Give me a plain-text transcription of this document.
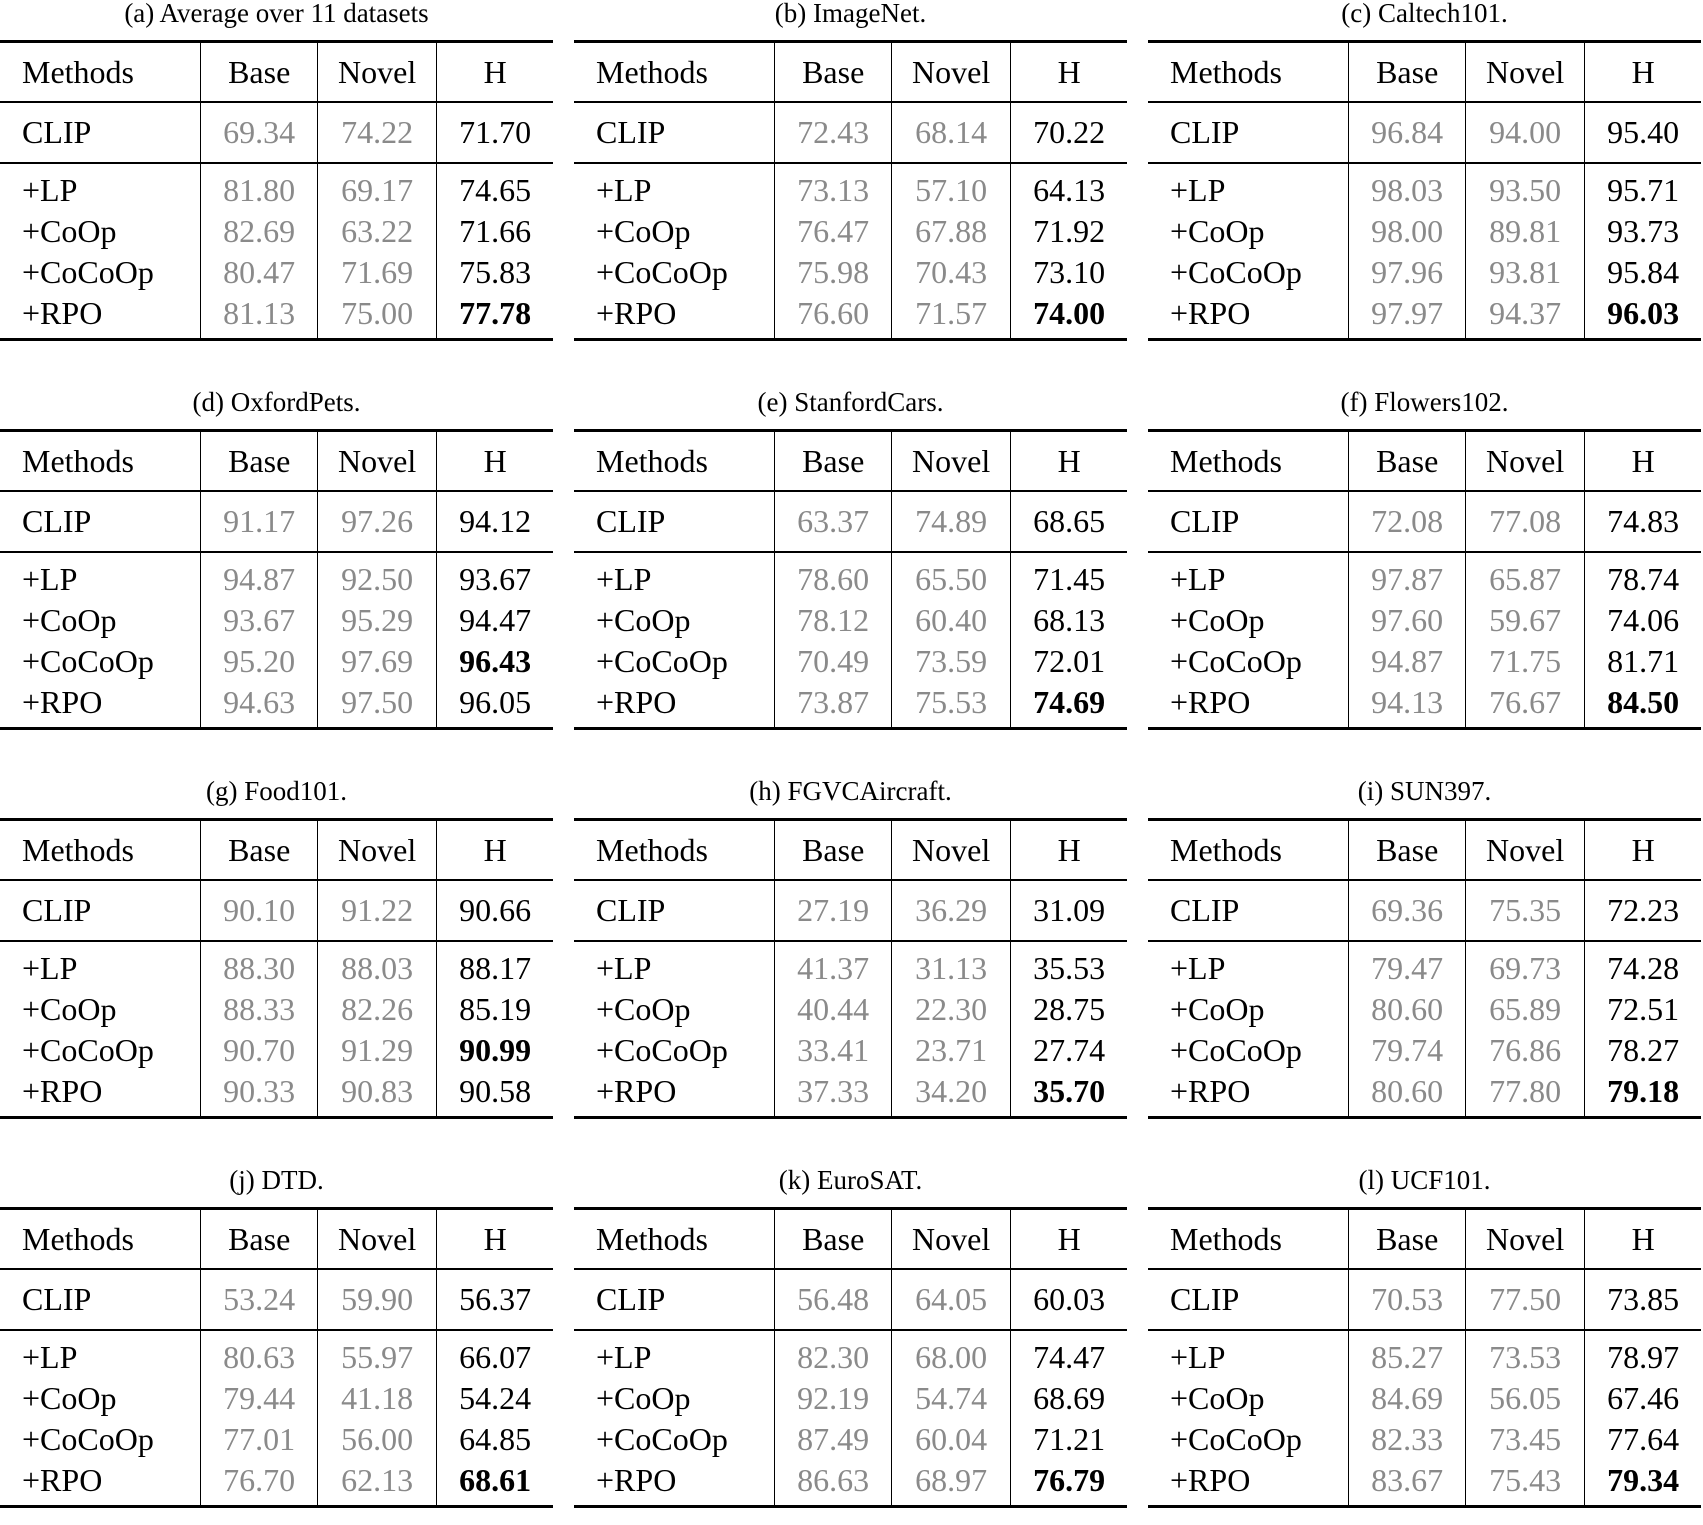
(a) Average over 11 datasets
Methods	Base	Novel	H
CLIP	69.34	74.22	71.70
+LP	81.80	69.17	74.65
+CoOp	82.69	63.22	71.66
+CoCoOp	80.47	71.69	75.83
+RPO	81.13	75.00	77.78
(b) ImageNet.
Methods	Base	Novel	H
CLIP	72.43	68.14	70.22
+LP	73.13	57.10	64.13
+CoOp	76.47	67.88	71.92
+CoCoOp	75.98	70.43	73.10
+RPO	76.60	71.57	74.00
(c) Caltech101.
Methods	Base	Novel	H
CLIP	96.84	94.00	95.40
+LP	98.03	93.50	95.71
+CoOp	98.00	89.81	93.73
+CoCoOp	97.96	93.81	95.84
+RPO	97.97	94.37	96.03
(d) OxfordPets.
Methods	Base	Novel	H
CLIP	91.17	97.26	94.12
+LP	94.87	92.50	93.67
+CoOp	93.67	95.29	94.47
+CoCoOp	95.20	97.69	96.43
+RPO	94.63	97.50	96.05
(e) StanfordCars.
Methods	Base	Novel	H
CLIP	63.37	74.89	68.65
+LP	78.60	65.50	71.45
+CoOp	78.12	60.40	68.13
+CoCoOp	70.49	73.59	72.01
+RPO	73.87	75.53	74.69
(f) Flowers102.
Methods	Base	Novel	H
CLIP	72.08	77.08	74.83
+LP	97.87	65.87	78.74
+CoOp	97.60	59.67	74.06
+CoCoOp	94.87	71.75	81.71
+RPO	94.13	76.67	84.50
(g) Food101.
Methods	Base	Novel	H
CLIP	90.10	91.22	90.66
+LP	88.30	88.03	88.17
+CoOp	88.33	82.26	85.19
+CoCoOp	90.70	91.29	90.99
+RPO	90.33	90.83	90.58
(h) FGVCAircraft.
Methods	Base	Novel	H
CLIP	27.19	36.29	31.09
+LP	41.37	31.13	35.53
+CoOp	40.44	22.30	28.75
+CoCoOp	33.41	23.71	27.74
+RPO	37.33	34.20	35.70
(i) SUN397.
Methods	Base	Novel	H
CLIP	69.36	75.35	72.23
+LP	79.47	69.73	74.28
+CoOp	80.60	65.89	72.51
+CoCoOp	79.74	76.86	78.27
+RPO	80.60	77.80	79.18
(j) DTD.
Methods	Base	Novel	H
CLIP	53.24	59.90	56.37
+LP	80.63	55.97	66.07
+CoOp	79.44	41.18	54.24
+CoCoOp	77.01	56.00	64.85
+RPO	76.70	62.13	68.61
(k) EuroSAT.
Methods	Base	Novel	H
CLIP	56.48	64.05	60.03
+LP	82.30	68.00	74.47
+CoOp	92.19	54.74	68.69
+CoCoOp	87.49	60.04	71.21
+RPO	86.63	68.97	76.79
(l) UCF101.
Methods	Base	Novel	H
CLIP	70.53	77.50	73.85
+LP	85.27	73.53	78.97
+CoOp	84.69	56.05	67.46
+CoCoOp	82.33	73.45	77.64
+RPO	83.67	75.43	79.34
